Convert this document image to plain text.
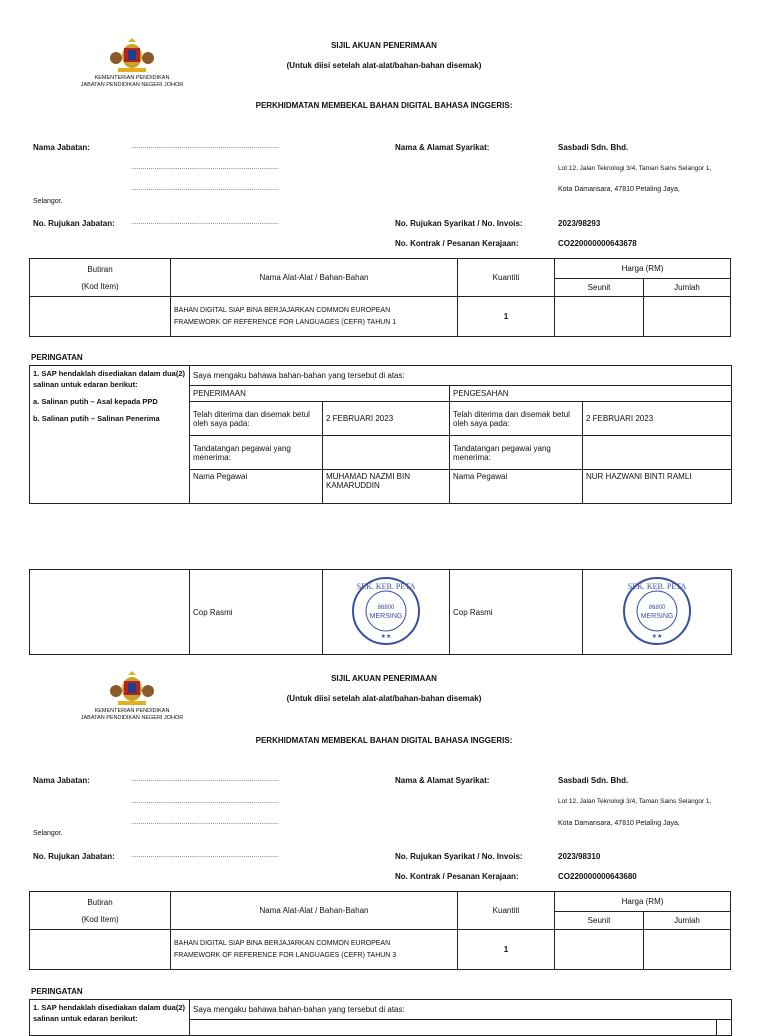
KEMENTERIAN PENDIDIKAN
JABATAN PENDIDIKAN NEGERI JOHOR
SIJIL AKUAN PENERIMAAN
(Untuk diisi setelah alat-alat/bahan-bahan disemak)
PERKHIDMATAN MEMBEKAL BAHAN DIGITAL BAHASA INGGERIS:
Nama Jabatan:	............................................................................
............................................................................
............................................................................
Selangor.
No. Rujukan Jabatan: ............................................................................
Nama & Alamat Syarikat:	Sasbadi Sdn. Bhd.
Lot 12, Jalan Teknologi 3/4, Taman Sains Selangor 1,
Kota Damansara, 47810 Petaling Jaya,
No. Rujukan Syarikat / No. Invois:	2023/98293
No. Kontrak / Pesanan Kerajaan:	CO220000000643678
Butiran
(Kod Item)	Nama Alat-Alat / Bahan-Bahan	Kuantiti	Harga (RM)	
			Seunit	Jumlah

	BAHAN DIGITAL SIAP BINA BERJAJARKAN COMMON EUROPEAN
FRAMEWORK OF REFERENCE FOR LANGUAGES (CEFR) TAHUN 1	1		
PERINGATAN
1. SAP hendaklah disediakan dalam dua(2) salinan untuk edaran berikut:
a. Salinan putih – Asal kepada PPD
b. Salinan putih – Salinan Penerima	Saya mengaku bahawa bahan-bahan yang tersebut di atas:			
	PENERIMAAN		PENGESAHAN	
	Telah diterima dan disemak betul oleh saya pada:	2 FEBRUARI 2023	Telah diterima dan disemak betul oleh saya pada:	2 FEBRUARI 2023
	Tandatangan pegawai yang menerima:		Tandatangan pegawai yang menerima:	
	Nama Pegawai	MUHAMAD NAZMI BIN KAMARUDDIN	Nama Pegawai	NUR HAZWANI BINTI RAMLI
	Cop Rasmi	
SEK. KEB. PETA
86800
MERSING
★★
	Cop Rasmi	
SEK. KEB. PETA
86800
MERSING
★★
KEMENTERIAN PENDIDIKAN
JABATAN PENDIDIKAN NEGERI JOHOR
SIJIL AKUAN PENERIMAAN
(Untuk diisi setelah alat-alat/bahan-bahan disemak)
PERKHIDMATAN MEMBEKAL BAHAN DIGITAL BAHASA INGGERIS:
Nama Jabatan:	............................................................................
............................................................................
............................................................................
Selangor.
No. Rujukan Jabatan: ............................................................................
Nama & Alamat Syarikat:	Sasbadi Sdn. Bhd.
Lot 12, Jalan Teknologi 3/4, Taman Sains Selangor 1,
Kota Damansara, 47810 Petaling Jaya,
No. Rujukan Syarikat / No. Invois:	2023/98310
No. Kontrak / Pesanan Kerajaan:	CO220000000643680
Butiran
(Kod Item)	Nama Alat-Alat / Bahan-Bahan	Kuantiti	Harga (RM)	
			Seunit	Jumlah

	BAHAN DIGITAL SIAP BINA BERJAJARKAN COMMON EUROPEAN
FRAMEWORK OF REFERENCE FOR LANGUAGES (CEFR) TAHUN 3	1		
PERINGATAN
1. SAP hendaklah disediakan dalam dua(2) salinan untuk edaran berikut:	Saya mengaku bahawa bahan-bahan yang tersebut di atas:	
